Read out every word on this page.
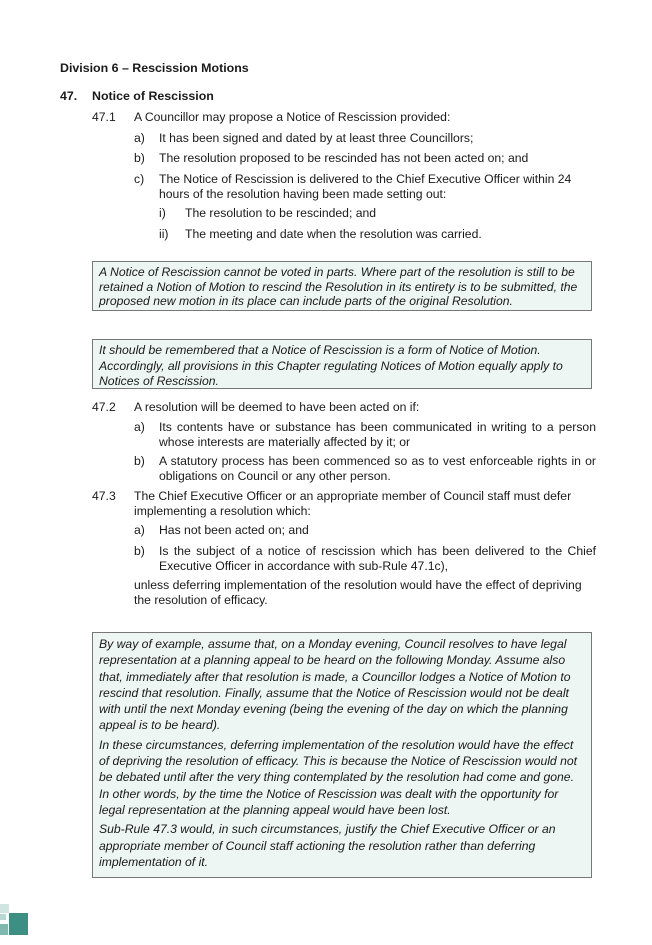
Division 6 – Rescission Motions
47. Notice of Rescission
47.1 A Councillor may propose a Notice of Rescission provided:
a) It has been signed and dated by at least three Councillors;
b) The resolution proposed to be rescinded has not been acted on; and
c) The Notice of Rescission is delivered to the Chief Executive Officer within 24 hours of the resolution having been made setting out:
i) The resolution to be rescinded; and
ii) The meeting and date when the resolution was carried.

A Notice of Rescission cannot be voted in parts. Where part of the resolution is still to be retained a Notion of Motion to rescind the Resolution in its entirety is to be submitted, the proposed new motion in its place can include parts of the original Resolution.

It should be remembered that a Notice of Rescission is a form of Notice of Motion. Accordingly, all provisions in this Chapter regulating Notices of Motion equally apply to Notices of Rescission.

47.2 A resolution will be deemed to have been acted on if:
a) Its contents have or substance has been communicated in writing to a person whose interests are materially affected by it; or
b) A statutory process has been commenced so as to vest enforceable rights in or obligations on Council or any other person.
47.3 The Chief Executive Officer or an appropriate member of Council staff must defer implementing a resolution which:
a) Has not been acted on; and
b) Is the subject of a notice of rescission which has been delivered to the Chief Executive Officer in accordance with sub-Rule 47.1c),
unless deferring implementation of the resolution would have the effect of depriving the resolution of efficacy.

By way of example, assume that, on a Monday evening, Council resolves to have legal representation at a planning appeal to be heard on the following Monday. Assume also that, immediately after that resolution is made, a Councillor lodges a Notice of Motion to rescind that resolution. Finally, assume that the Notice of Rescission would not be dealt with until the next Monday evening (being the evening of the day on which the planning appeal is to be heard).

In these circumstances, deferring implementation of the resolution would have the effect of depriving the resolution of efficacy. This is because the Notice of Rescission would not be debated until after the very thing contemplated by the resolution had come and gone. In other words, by the time the Notice of Rescission was dealt with the opportunity for legal representation at the planning appeal would have been lost.

Sub-Rule 47.3 would, in such circumstances, justify the Chief Executive Officer or an appropriate member of Council staff actioning the resolution rather than deferring implementation of it.
